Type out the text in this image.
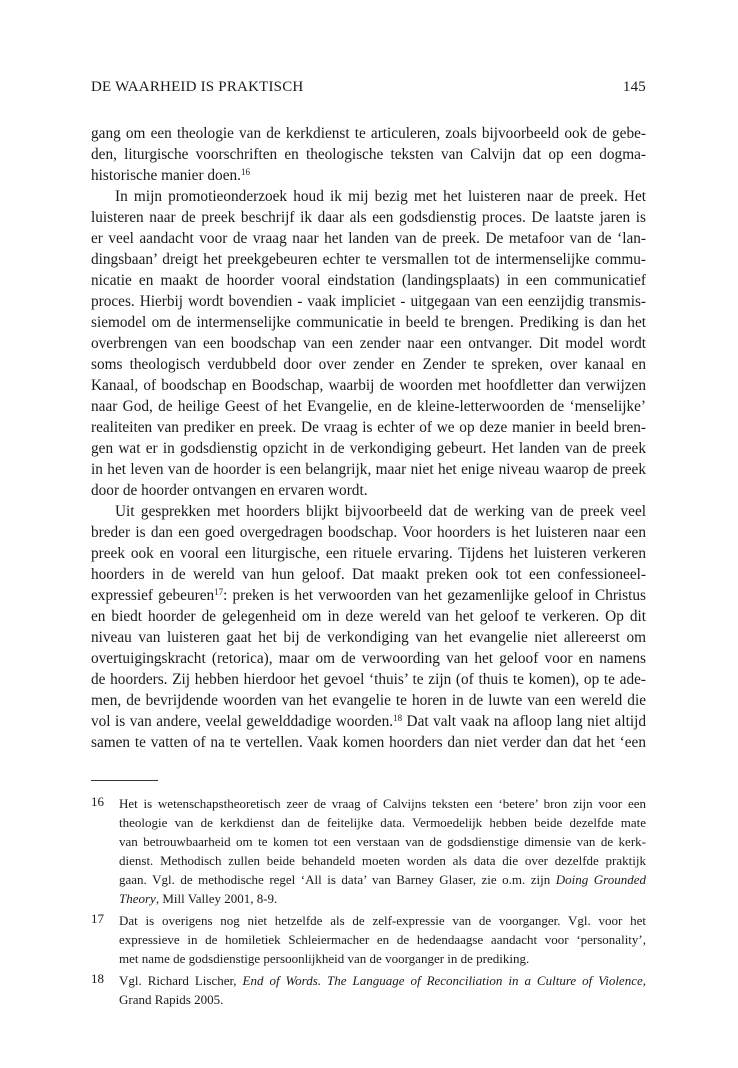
DE WAARHEID IS PRAKTISCH	145
gang om een theologie van de kerkdienst te articuleren, zoals bijvoorbeeld ook de gebe-
den, liturgische voorschriften en theologische teksten van Calvijn dat op een dogma-
historische manier doen.$^{16}$
In mijn promotieonderzoek houd ik mij bezig met het luisteren naar de preek. Het
luisteren naar de preek beschrijf ik daar als een godsdienstig proces. De laatste jaren is
er veel aandacht voor de vraag naar het landen van de preek. De metafoor van de ‘lan-
dingsbaan’ dreigt het preekgebeuren echter te versmallen tot de intermenselijke commu-
nicatie en maakt de hoorder vooral eindstation (landingsplaats) in een communicatief
proces. Hierbij wordt bovendien - vaak impliciet - uitgegaan van een eenzijdig transmis-
siemodel om de intermenselijke communicatie in beeld te brengen. Prediking is dan het
overbrengen van een boodschap van een zender naar een ontvanger. Dit model wordt
soms theologisch verdubbeld door over zender en Zender te spreken, over kanaal en
Kanaal, of boodschap en Boodschap, waarbij de woorden met hoofdletter dan verwijzen
naar God, de heilige Geest of het Evangelie, en de kleine-letterwoorden de ‘menselijke’
realiteiten van prediker en preek. De vraag is echter of we op deze manier in beeld bren-
gen wat er in godsdienstig opzicht in de verkondiging gebeurt. Het landen van de preek
in het leven van de hoorder is een belangrijk, maar niet het enige niveau waarop de preek
door de hoorder ontvangen en ervaren wordt.
Uit gesprekken met hoorders blijkt bijvoorbeeld dat de werking van de preek veel
breder is dan een goed overgedragen boodschap. Voor hoorders is het luisteren naar een
preek ook en vooral een liturgische, een rituele ervaring. Tijdens het luisteren verkeren
hoorders in de wereld van hun geloof. Dat maakt preken ook tot een confessioneel-
expressief gebeuren$^{17}$: preken is het verwoorden van het gezamenlijke geloof in Christus
en biedt hoorder de gelegenheid om in deze wereld van het geloof te verkeren. Op dit
niveau van luisteren gaat het bij de verkondiging van het evangelie niet allereerst om
overtuigingskracht (retorica), maar om de verwoording van het geloof voor en namens
de hoorders. Zij hebben hierdoor het gevoel ‘thuis’ te zijn (of thuis te komen), op te ade-
men, de bevrijdende woorden van het evangelie te horen in de luwte van een wereld die
vol is van andere, veelal gewelddadige woorden.$^{18}$ Dat valt vaak na afloop lang niet altijd
samen te vatten of na te vertellen. Vaak komen hoorders dan niet verder dan dat het ‘een
16 Het is wetenschapstheoretisch zeer de vraag of Calvijns teksten een ‘betere’ bron zijn voor een
theologie van de kerkdienst dan de feitelijke data. Vermoedelijk hebben beide dezelfde mate
van betrouwbaarheid om te komen tot een verstaan van de godsdienstige dimensie van de kerk-
dienst. Methodisch zullen beide behandeld moeten worden als data die over dezelfde praktijk
gaan. Vgl. de methodische regel ‘All is data’ van Barney Glaser, zie o.m. zijn Doing Grounded
Theory, Mill Valley 2001, 8-9.
17 Dat is overigens nog niet hetzelfde als de zelf-expressie van de voorganger. Vgl. voor het
expressieve in de homiletiek Schleiermacher en de hedendaagse aandacht voor ‘personality’,
met name de godsdienstige persoonlijkheid van de voorganger in de prediking.
18 Vgl. Richard Lischer, End of Words. The Language of Reconciliation in a Culture of Violence,
Grand Rapids 2005.
